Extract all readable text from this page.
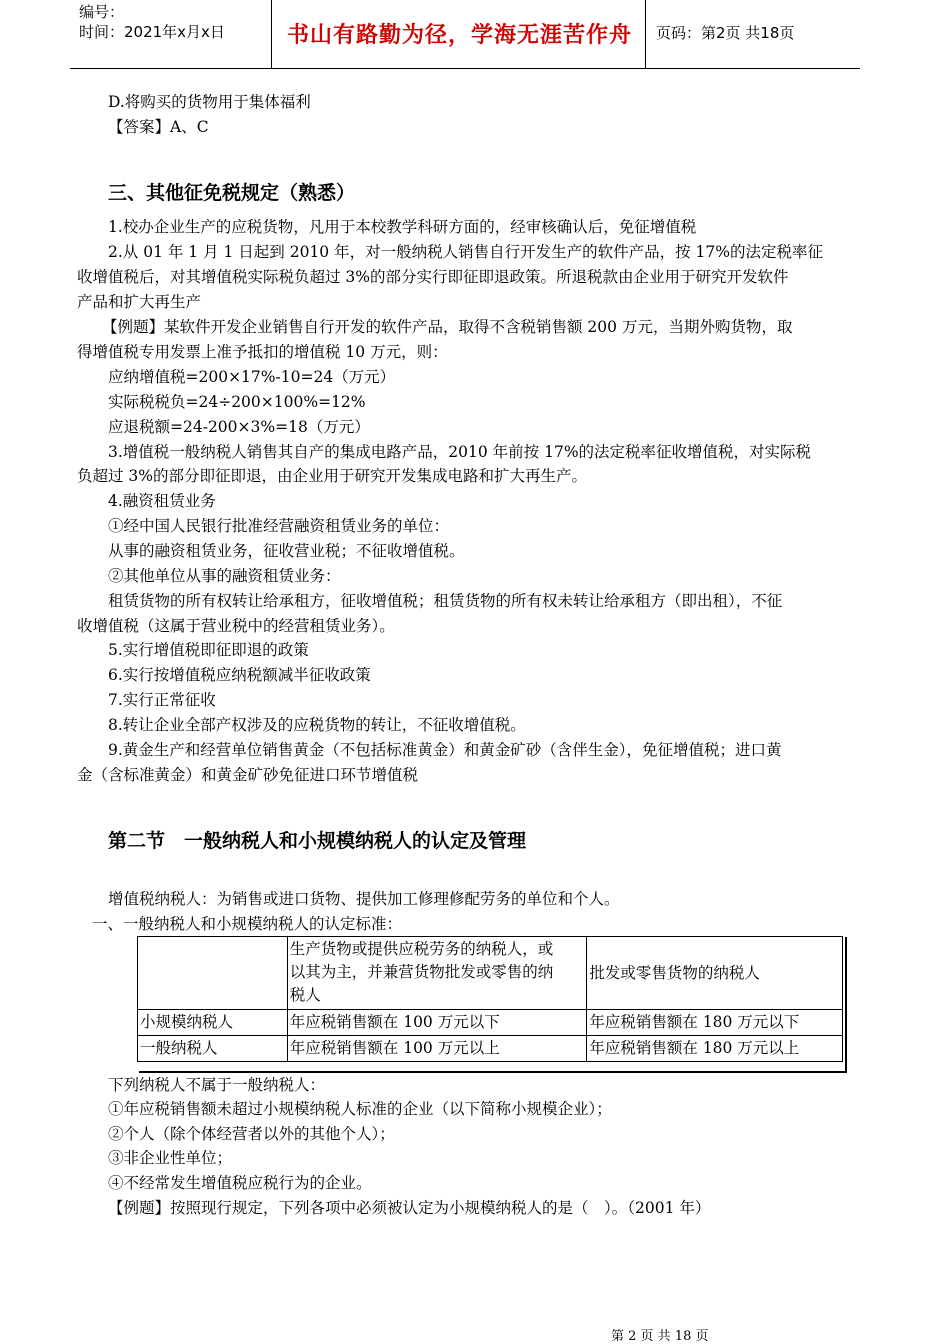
编号：
时间：2021年x月x日	书山有路勤为径，学海无涯苦作舟	页码：第2页 共18页
D.将购买的货物用于集体福利
【答案】A、C
三、其他征免税规定（熟悉）
1.校办企业生产的应税货物，凡用于本校教学科研方面的，经审核确认后，免征增值税
2.从 01 年 1 月 1 日起到 2010 年，对一般纳税人销售自行开发生产的软件产品，按 17%的法定税率征
收增值税后，对其增值税实际税负超过 3%的部分实行即征即退政策。所退税款由企业用于研究开发软件
产品和扩大再生产
【例题】某软件开发企业销售自行开发的软件产品，取得不含税销售额 200 万元，当期外购货物，取
得增值税专用发票上准予抵扣的增值税 10 万元，则：
应纳增值税=200×17%-10=24（万元）
实际税税负=24÷200×100%=12%
应退税额=24-200×3%=18（万元）
3.增值税一般纳税人销售其自产的集成电路产品，2010 年前按 17%的法定税率征收增值税，对实际税
负超过 3%的部分即征即退，由企业用于研究开发集成电路和扩大再生产。
4.融资租赁业务
①经中国人民银行批准经营融资租赁业务的单位：
从事的融资租赁业务，征收营业税；不征收增值税。
②其他单位从事的融资租赁业务：
租赁货物的所有权转让给承租方，征收增值税；租赁货物的所有权未转让给承租方（即出租），不征
收增值税（这属于营业税中的经营租赁业务）。
5.实行增值税即征即退的政策
6.实行按增值税应纳税额减半征收政策
7.实行正常征收
8.转让企业全部产权涉及的应税货物的转让，不征收增值税。
9.黄金生产和经营单位销售黄金（不包括标准黄金）和黄金矿砂（含伴生金），免征增值税；进口黄
金（含标准黄金）和黄金矿砂免征进口环节增值税
第二节　一般纳税人和小规模纳税人的认定及管理
增值税纳税人：为销售或进口货物、提供加工修理修配劳务的单位和个人。
一、一般纳税人和小规模纳税人的认定标准：

	生产货物或提供应税劳务的纳税人，或
以其为主，并兼营货物批发或零售的纳
税人	批发或零售货物的纳税人
小规模纳税人	年应税销售额在 100 万元以下	年应税销售额在 180 万元以下
一般纳税人	年应税销售额在 100 万元以上	年应税销售额在 180 万元以上
下列纳税人不属于一般纳税人：
①年应税销售额未超过小规模纳税人标准的企业（以下简称小规模企业）；
②个人（除个体经营者以外的其他个人）；
③非企业性单位；
④不经常发生增值税应税行为的企业。
【例题】按照现行规定，下列各项中必须被认定为小规模纳税人的是（　）。（2001 年）
第 2 页 共 18 页
